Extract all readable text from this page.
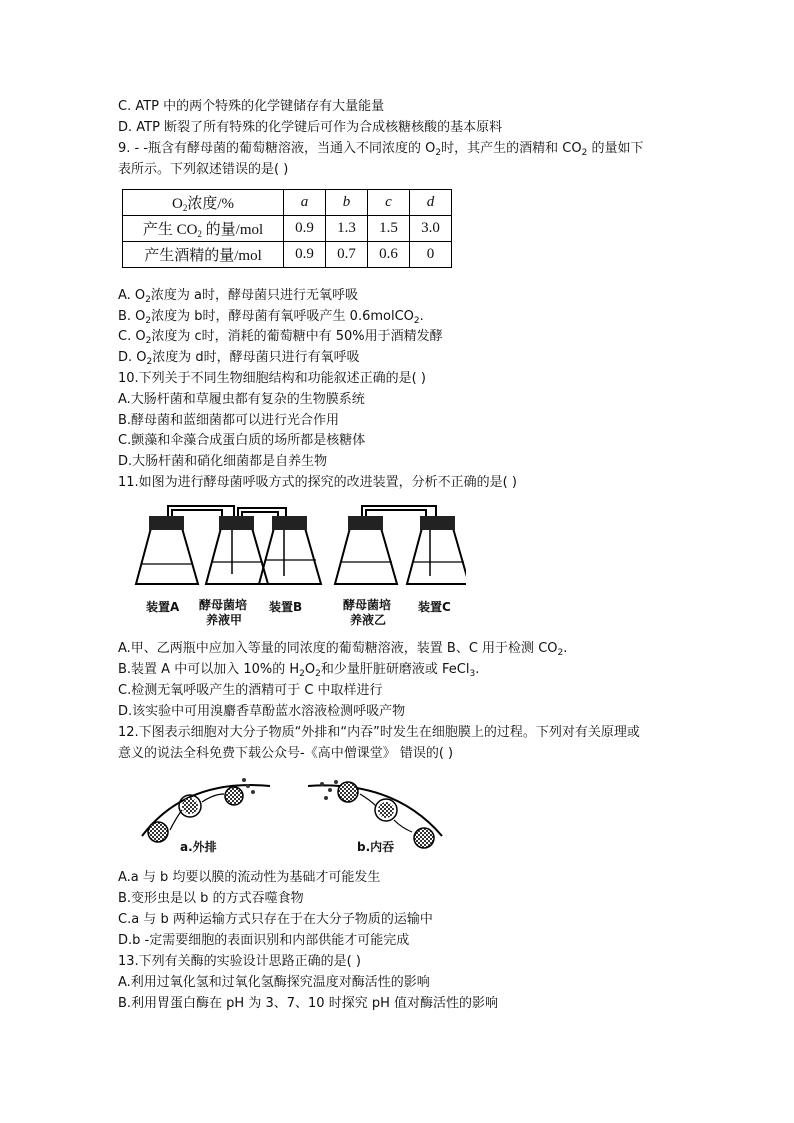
C. ATP 中的两个特殊的化学键储存有大量能量
D. ATP 断裂了所有特殊的化学键后可作为合成核糖核酸的基本原料
9. - -瓶含有酵母菌的葡萄糖溶液，当通入不同浓度的 $O_2$时，其产生的酒精和 $CO_2$ 的量如下
表所示。下列叙述错误的是( )
$O_2$浓度/%	a	b	c	d
产生 $CO_2$ 的量/mol	0.9	1.3	1.5	3.0
产生酒精的量/mol	0.9	0.7	0.6	0
A. $O_2$浓度为 a时，酵母菌只进行无氧呼吸
B. $O_2$浓度为 b时，酵母菌有氧呼吸产生 0.6molCO$_2$.
C. $O_2$浓度为 c时，消耗的葡萄糖中有 50%用于酒精发酵
D. $O_2$浓度为 d时，酵母菌只进行有氧呼吸
10.下列关于不同生物细胞结构和功能叙述正确的是( )
A.大肠杆菌和草履虫都有复杂的生物膜系统
B.酵母菌和蓝细菌都可以进行光合作用
C.颤藻和伞藻合成蛋白质的场所都是核糖体
D.大肠杆菌和硝化细菌都是自养生物
11.如图为进行酵母菌呼吸方式的探究的改进装置，分析不正确的是( )
装置A 酵母菌培
养液甲
装置B	酵母菌培
养液乙
装置C
A.甲、乙两瓶中应加入等量的同浓度的葡萄糖溶液，装置 B、C 用于检测 $CO_2$.
B.装置 A 中可以加入 10%的 $H_2O_2$和少量肝脏研磨液或 FeCl$_3$.
C.检测无氧呼吸产生的酒精可于 C 中取样进行
D.该实验中可用溴麝香草酚蓝水溶液检测呼吸产物
12.下图表示细胞对大分子物质“外排和“内吞”时发生在细胞膜上的过程。下列对有关原理或
意义的说法全科免费下载公众号-《高中僧课堂》 错误的( )
a.外排	b.内吞
A.a 与 b 均要以膜的流动性为基础才可能发生
B.变形虫是以 b 的方式吞噬食物
C.a 与 b 两种运输方式只存在于在大分子物质的运输中
D.b -定需要细胞的表面识别和内部供能才可能完成
13.下列有关酶的实验设计思路正确的是( )
A.利用过氧化氢和过氧化氢酶探究温度对酶活性的影响
B.利用胃蛋白酶在 pH 为 3、7、10 时探究 pH 值对酶活性的影响
